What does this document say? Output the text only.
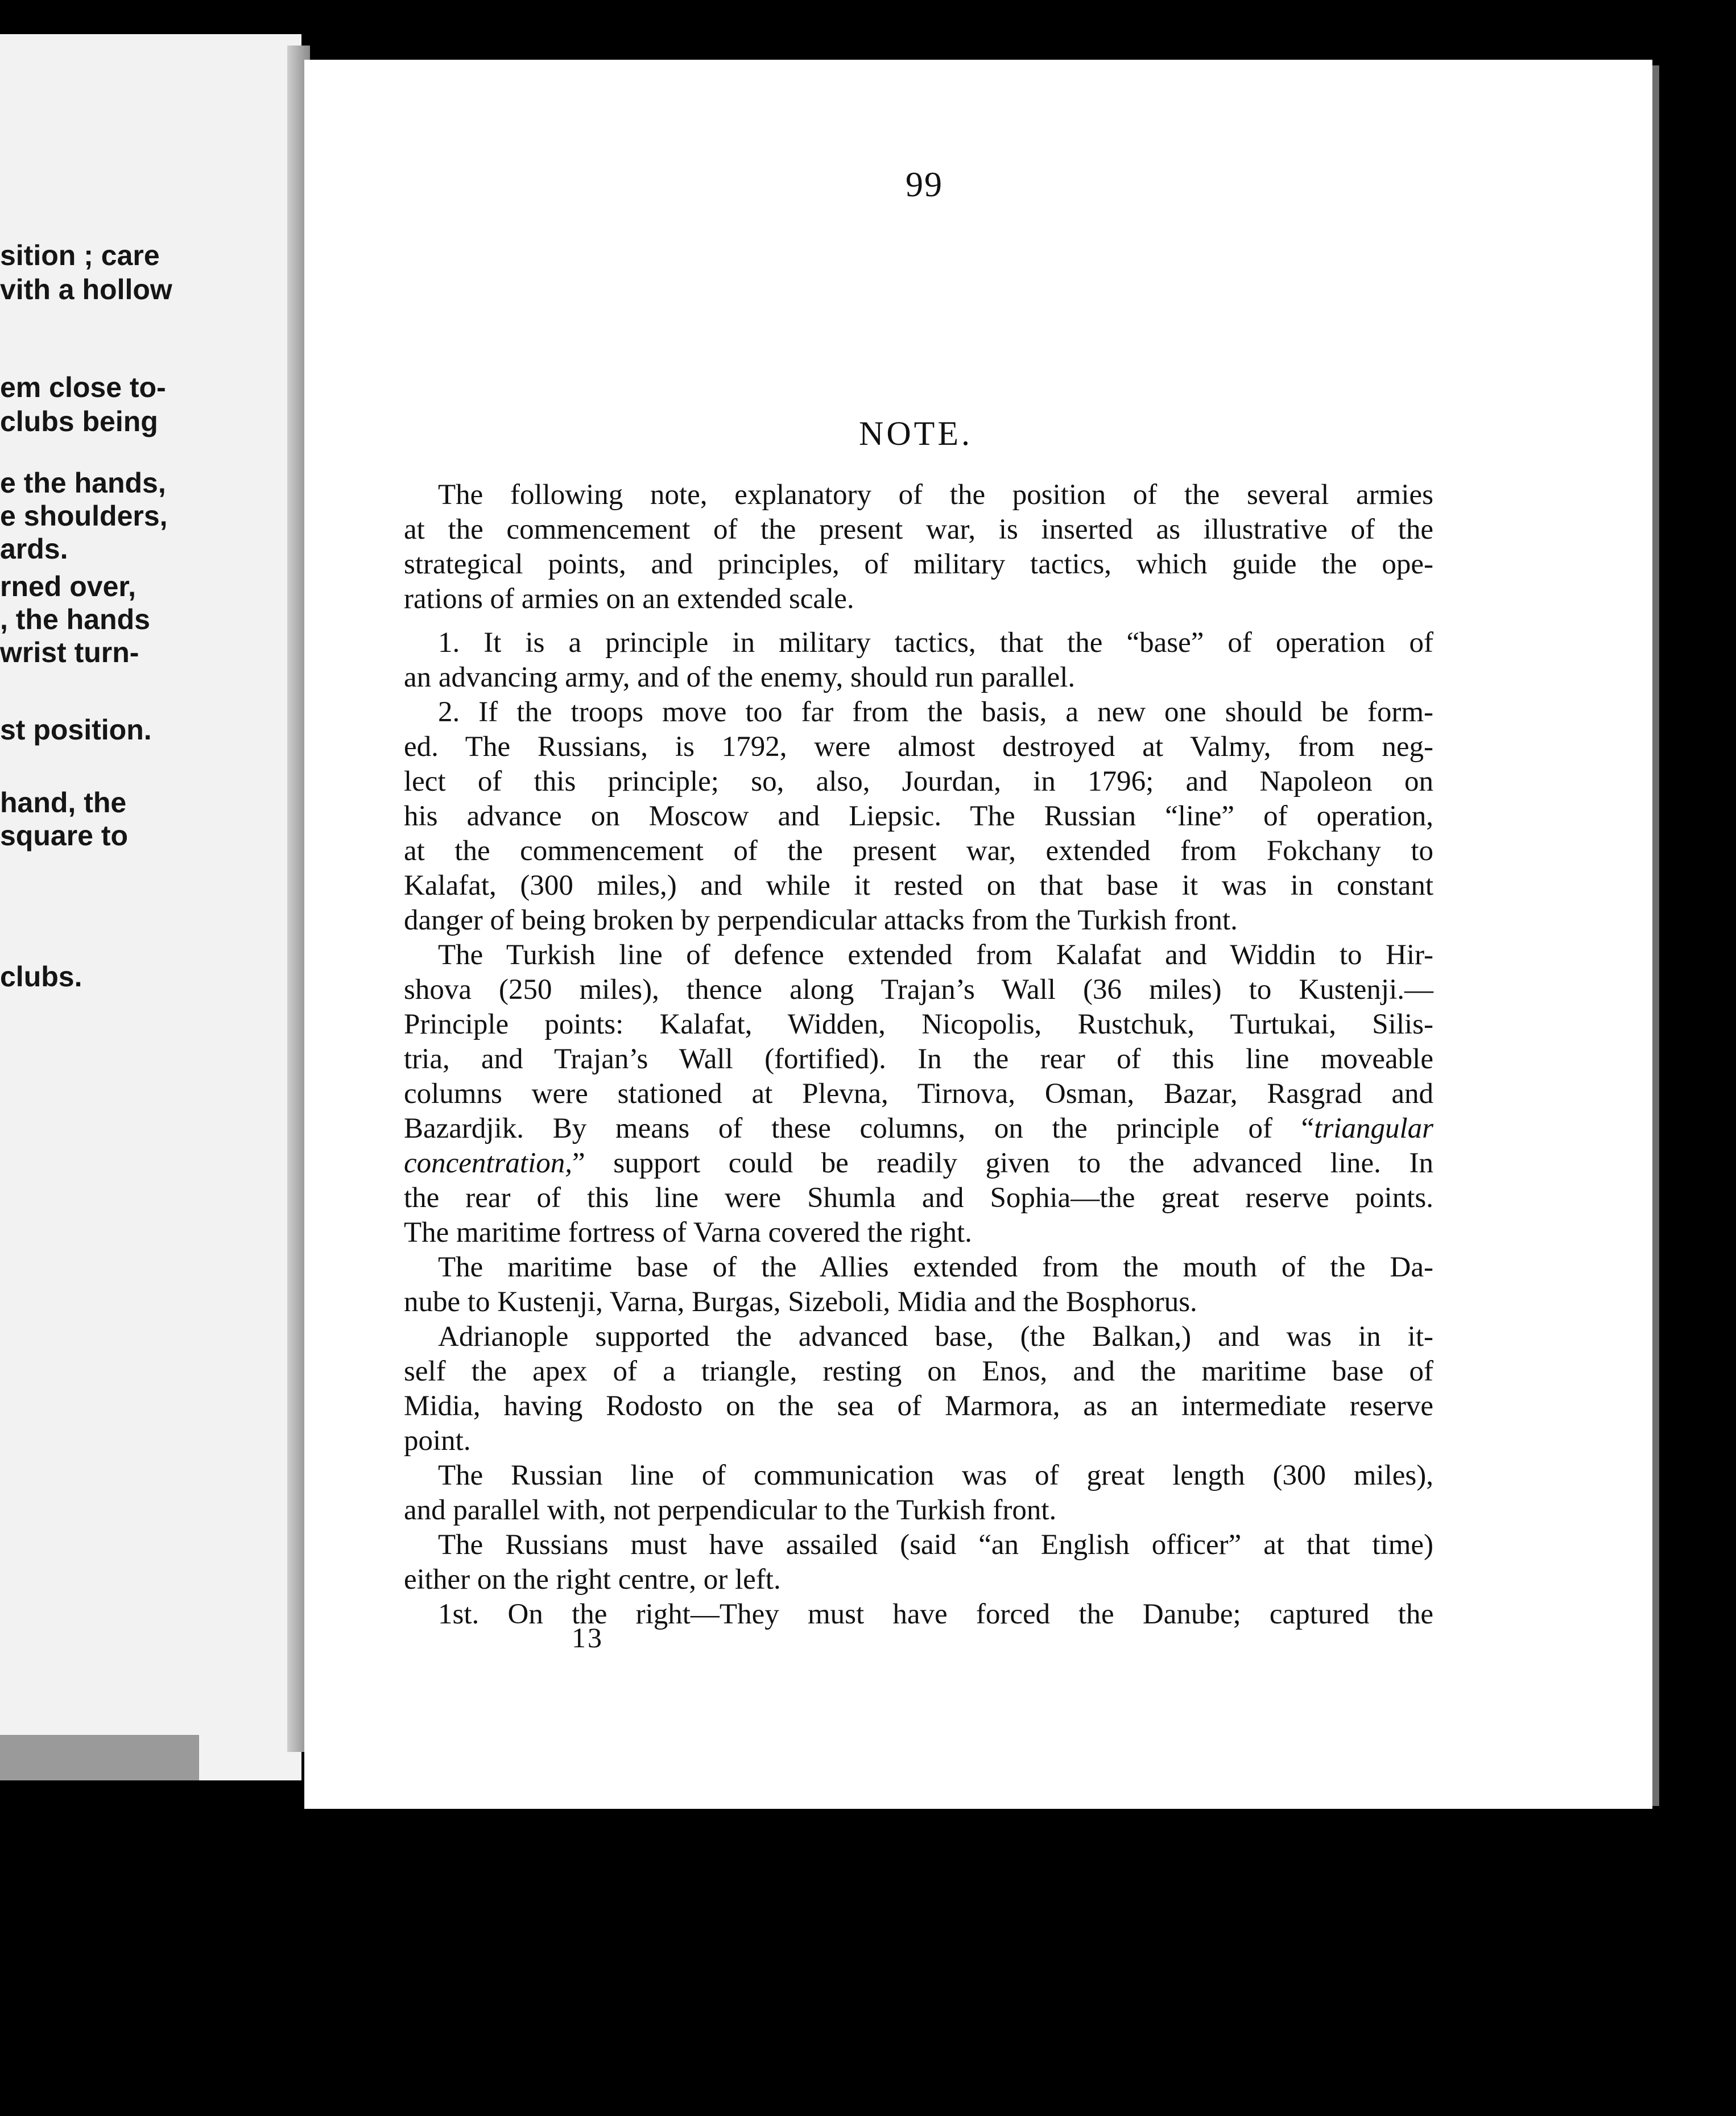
sition ; care
vith a hollow
em close to-
clubs being
e the hands,
e shoulders,
ards.
rned over,
, the hands
wrist turn-
st position.
hand, the
square to
clubs.
99
NOTE.
The following note, explanatory of the position of the several armies
at the commencement of the present war, is inserted as illustrative of the
strategical points, and principles, of military tactics, which guide the ope-
rations of armies on an extended scale.
1. It is a principle in military tactics, that the “base” of operation of
an advancing army, and of the enemy, should run parallel.
2. If the troops move too far from the basis, a new one should be form-
ed. The Russians, is 1792, were almost destroyed at Valmy, from neg-
lect of this principle; so, also, Jourdan, in 1796; and Napoleon on
his advance on Moscow and Liepsic. The Russian “line” of operation,
at the commencement of the present war, extended from Fokchany to
Kalafat, (300 miles,) and while it rested on that base it was in constant
danger of being broken by perpendicular attacks from the Turkish front.
The Turkish line of defence extended from Kalafat and Widdin to Hir-
shova (250 miles), thence along Trajan’s Wall (36 miles) to Kustenji.—
Principle points: Kalafat, Widden, Nicopolis, Rustchuk, Turtukai, Silis-
tria, and Trajan’s Wall (fortified). In the rear of this line moveable
columns were stationed at Plevna, Tirnova, Osman, Bazar, Rasgrad and
Bazardjik. By means of these columns, on the principle of “triangular
concentration,” support could be readily given to the advanced line. In
the rear of this line were Shumla and Sophia—the great reserve points.
The maritime fortress of Varna covered the right.
The maritime base of the Allies extended from the mouth of the Da-
nube to Kustenji, Varna, Burgas, Sizeboli, Midia and the Bosphorus.
Adrianople supported the advanced base, (the Balkan,) and was in it-
self the apex of a triangle, resting on Enos, and the maritime base of
Midia, having Rodosto on the sea of Marmora, as an intermediate reserve
point.
The Russian line of communication was of great length (300 miles),
and parallel with, not perpendicular to the Turkish front.
The Russians must have assailed (said “an English officer” at that time)
either on the right centre, or left.
1st. On the right—They must have forced the Danube; captured the
13
